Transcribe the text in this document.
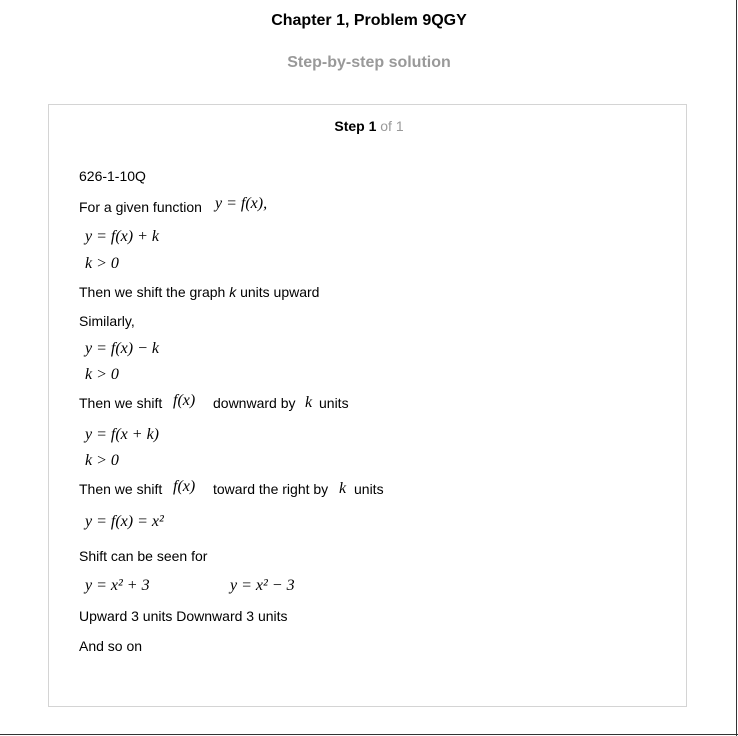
Chapter 1, Problem 9QGY
Step-by-step solution
Step 1 of 1
626-1-10Q
For a given function y = f(x),
y = f(x) + k
k > 0
Then we shift the graph k units upward
Similarly,
y = f(x) − k
k > 0
Then we shift f(x) downward by k units
y = f(x + k)
k > 0
Then we shift f(x) toward the right by k units
y = f(x) = x²
Shift can be seen for
y = x² + 3	y = x² − 3
Upward 3 units Downward 3 units
And so on
